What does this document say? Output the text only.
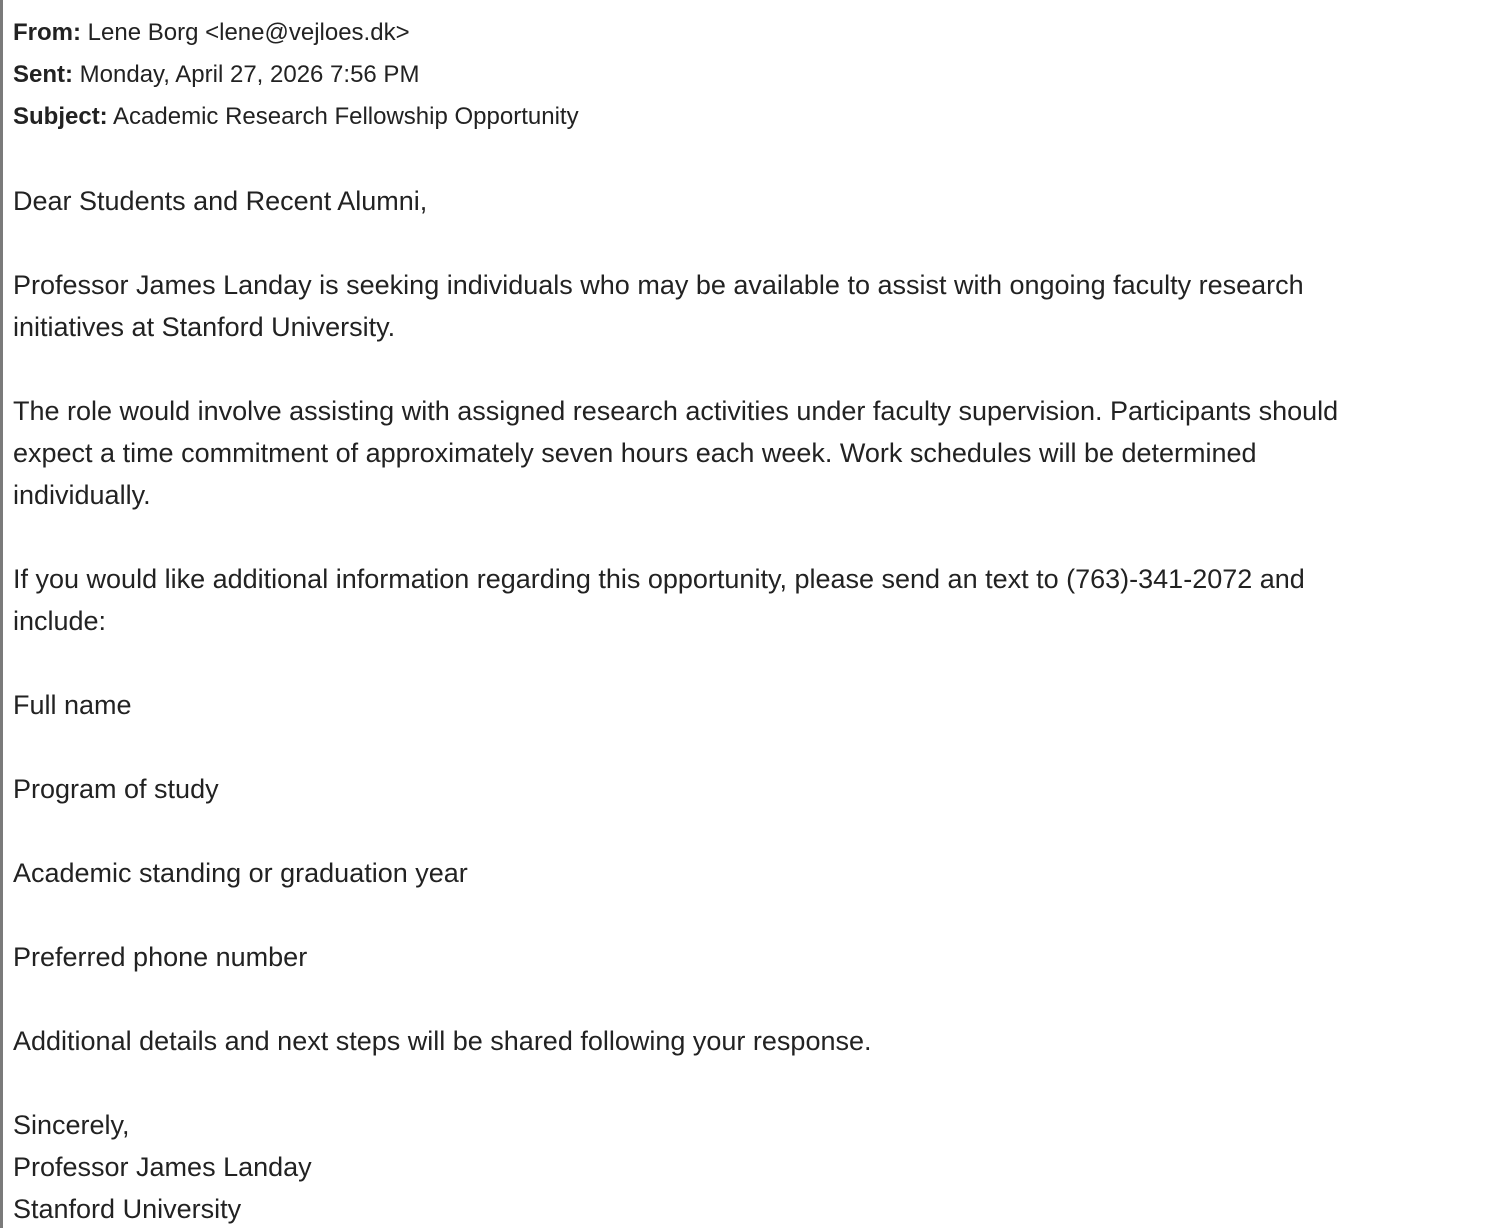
From: Lene Borg <lene@vejloes.dk>
Sent: Monday, April 27, 2026 7:56 PM
Subject: Academic Research Fellowship Opportunity
Dear Students and Recent Alumni,
Professor James Landay is seeking individuals who may be available to assist with ongoing faculty research
initiatives at Stanford University.
The role would involve assisting with assigned research activities under faculty supervision. Participants should
expect a time commitment of approximately seven hours each week. Work schedules will be determined
individually.
If you would like additional information regarding this opportunity, please send an text to (763)-341-2072 and
include:
Full name
Program of study
Academic standing or graduation year
Preferred phone number
Additional details and next steps will be shared following your response.
Sincerely,
Professor James Landay
Stanford University
